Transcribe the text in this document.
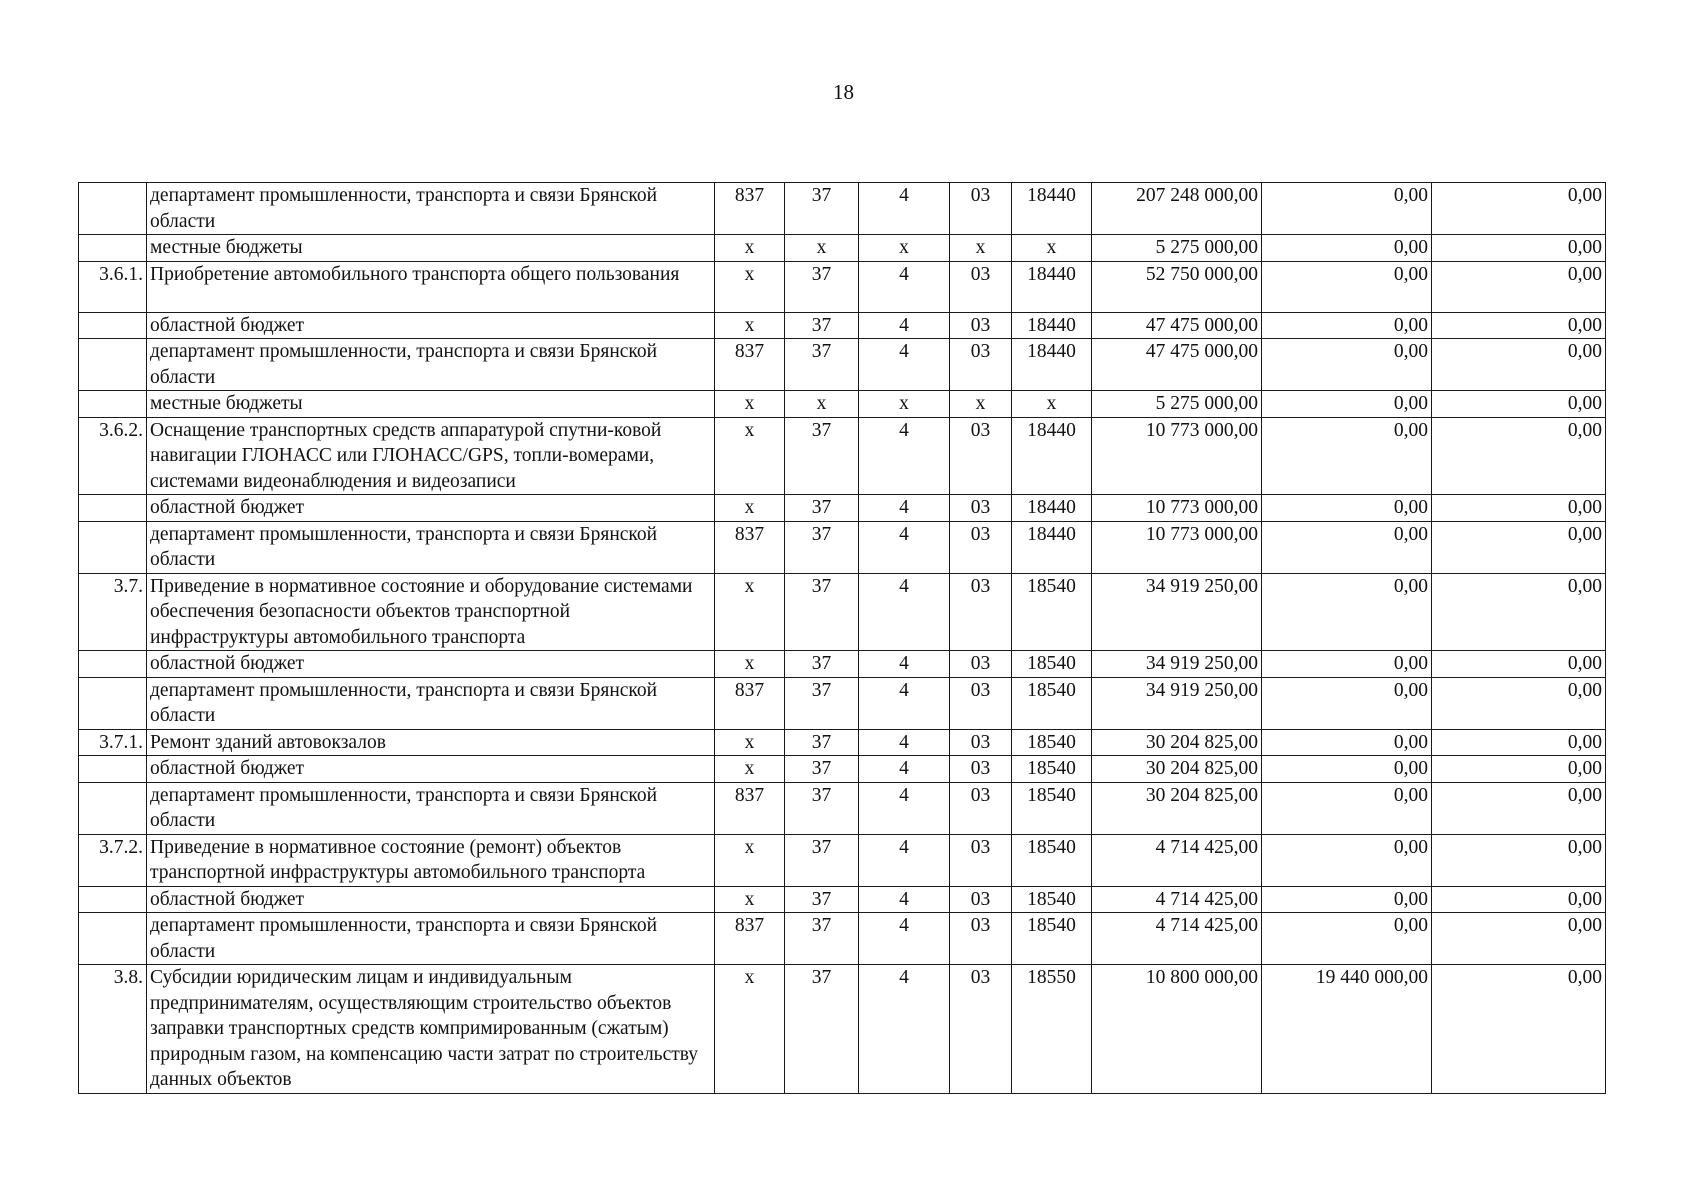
18
	департамент промышленности, транспорта и связи Брянской области	837	37	4	03	18440	207 248 000,00	0,00	0,00
	местные бюджеты	х	х	х	х	х	5 275 000,00	0,00	0,00
3.6.1.	Приобретение автомобильного транспорта общего пользования	х	37	4	03	18440	52 750 000,00	0,00	0,00
	областной бюджет	х	37	4	03	18440	47 475 000,00	0,00	0,00
	департамент промышленности, транспорта и связи Брянской области	837	37	4	03	18440	47 475 000,00	0,00	0,00
	местные бюджеты	х	х	х	х	х	5 275 000,00	0,00	0,00
3.6.2.	Оснащение транспортных средств аппаратурой спутни-ковой навигации ГЛОНАСС или ГЛОНАСС/GPS, топли-вомерами, системами видеонаблюдения и видеозаписи	х	37	4	03	18440	10 773 000,00	0,00	0,00
	областной бюджет	х	37	4	03	18440	10 773 000,00	0,00	0,00
	департамент промышленности, транспорта и связи Брянской области	837	37	4	03	18440	10 773 000,00	0,00	0,00
3.7.	Приведение в нормативное состояние и оборудование системами обеспечения безопасности объектов транспортной инфраструктуры автомобильного транспорта	х	37	4	03	18540	34 919 250,00	0,00	0,00
	областной бюджет	х	37	4	03	18540	34 919 250,00	0,00	0,00
	департамент промышленности, транспорта и связи Брянской области	837	37	4	03	18540	34 919 250,00	0,00	0,00
3.7.1.	Ремонт зданий автовокзалов	х	37	4	03	18540	30 204 825,00	0,00	0,00
	областной бюджет	х	37	4	03	18540	30 204 825,00	0,00	0,00
	департамент промышленности, транспорта и связи Брянской области	837	37	4	03	18540	30 204 825,00	0,00	0,00
3.7.2.	Приведение в нормативное состояние (ремонт) объектов транспортной инфраструктуры автомобильного транспорта	х	37	4	03	18540	4 714 425,00	0,00	0,00
	областной бюджет	х	37	4	03	18540	4 714 425,00	0,00	0,00
	департамент промышленности, транспорта и связи Брянской области	837	37	4	03	18540	4 714 425,00	0,00	0,00
3.8.	Субсидии юридическим лицам и индивидуальным предпринимателям, осуществляющим строительство объектов заправки транспортных средств компримированным (сжатым) природным газом, на компенсацию части затрат по строительству данных объектов	х	37	4	03	18550	10 800 000,00	19 440 000,00	0,00
